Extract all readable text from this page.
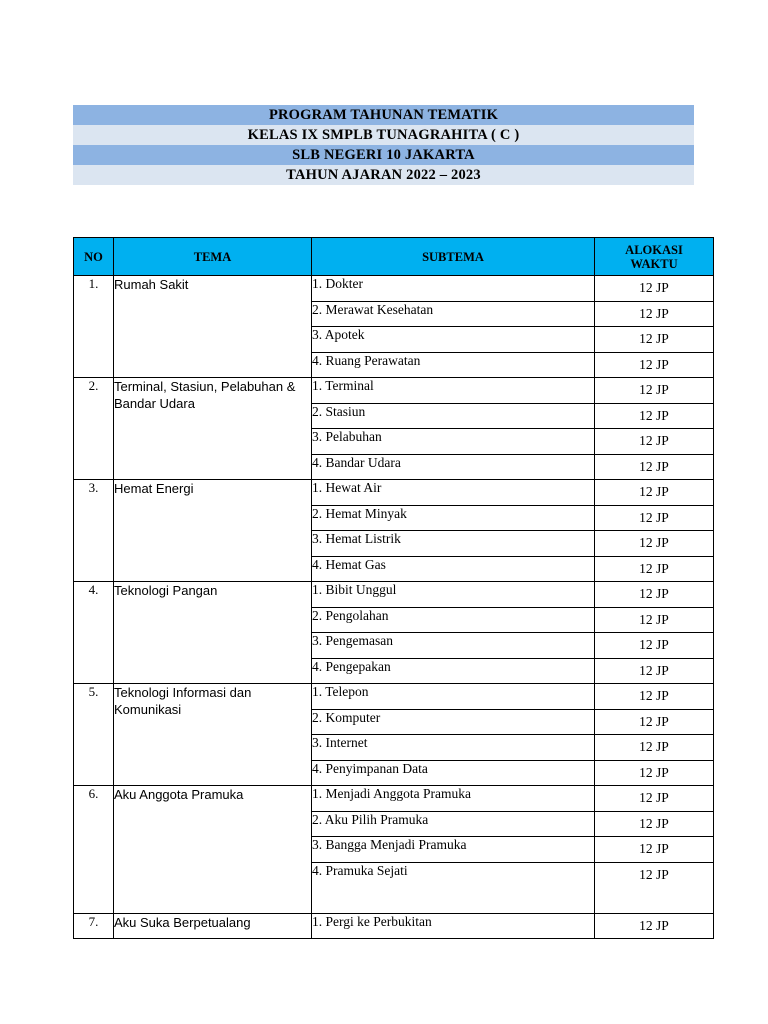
PROGRAM TAHUNAN TEMATIK
KELAS IX SMPLB TUNAGRAHITA ( C )
SLB NEGERI 10 JAKARTA
TAHUN AJARAN 2022 – 2023
NO	TEMA	SUBTEMA	ALOKASI WAKTU

1.	Rumah Sakit	1. Dokter	12 JP
		2. Merawat Kesehatan	12 JP
		3. Apotek	12 JP
		4. Ruang Perawatan	12 JP
2.	Terminal, Stasiun, Pelabuhan & Bandar Udara	1. Terminal	12 JP
		2. Stasiun	12 JP
		3. Pelabuhan	12 JP
		4. Bandar Udara	12 JP
3.	Hemat Energi	1. Hewat Air	12 JP
		2. Hemat Minyak	12 JP
		3. Hemat Listrik	12 JP
		4. Hemat Gas	12 JP
4.	Teknologi Pangan	1. Bibit Unggul	12 JP
		2. Pengolahan	12 JP
		3. Pengemasan	12 JP
		4. Pengepakan	12 JP
5.	Teknologi Informasi dan Komunikasi	1. Telepon	12 JP
		2. Komputer	12 JP
		3. Internet	12 JP
		4. Penyimpanan Data	12 JP
6.	Aku Anggota Pramuka	1. Menjadi Anggota Pramuka	12 JP
		2. Aku Pilih Pramuka	12 JP
		3. Bangga Menjadi Pramuka	12 JP
		4. Pramuka Sejati	12 JP
7.	Aku Suka Berpetualang	1. Pergi ke Perbukitan	12 JP
